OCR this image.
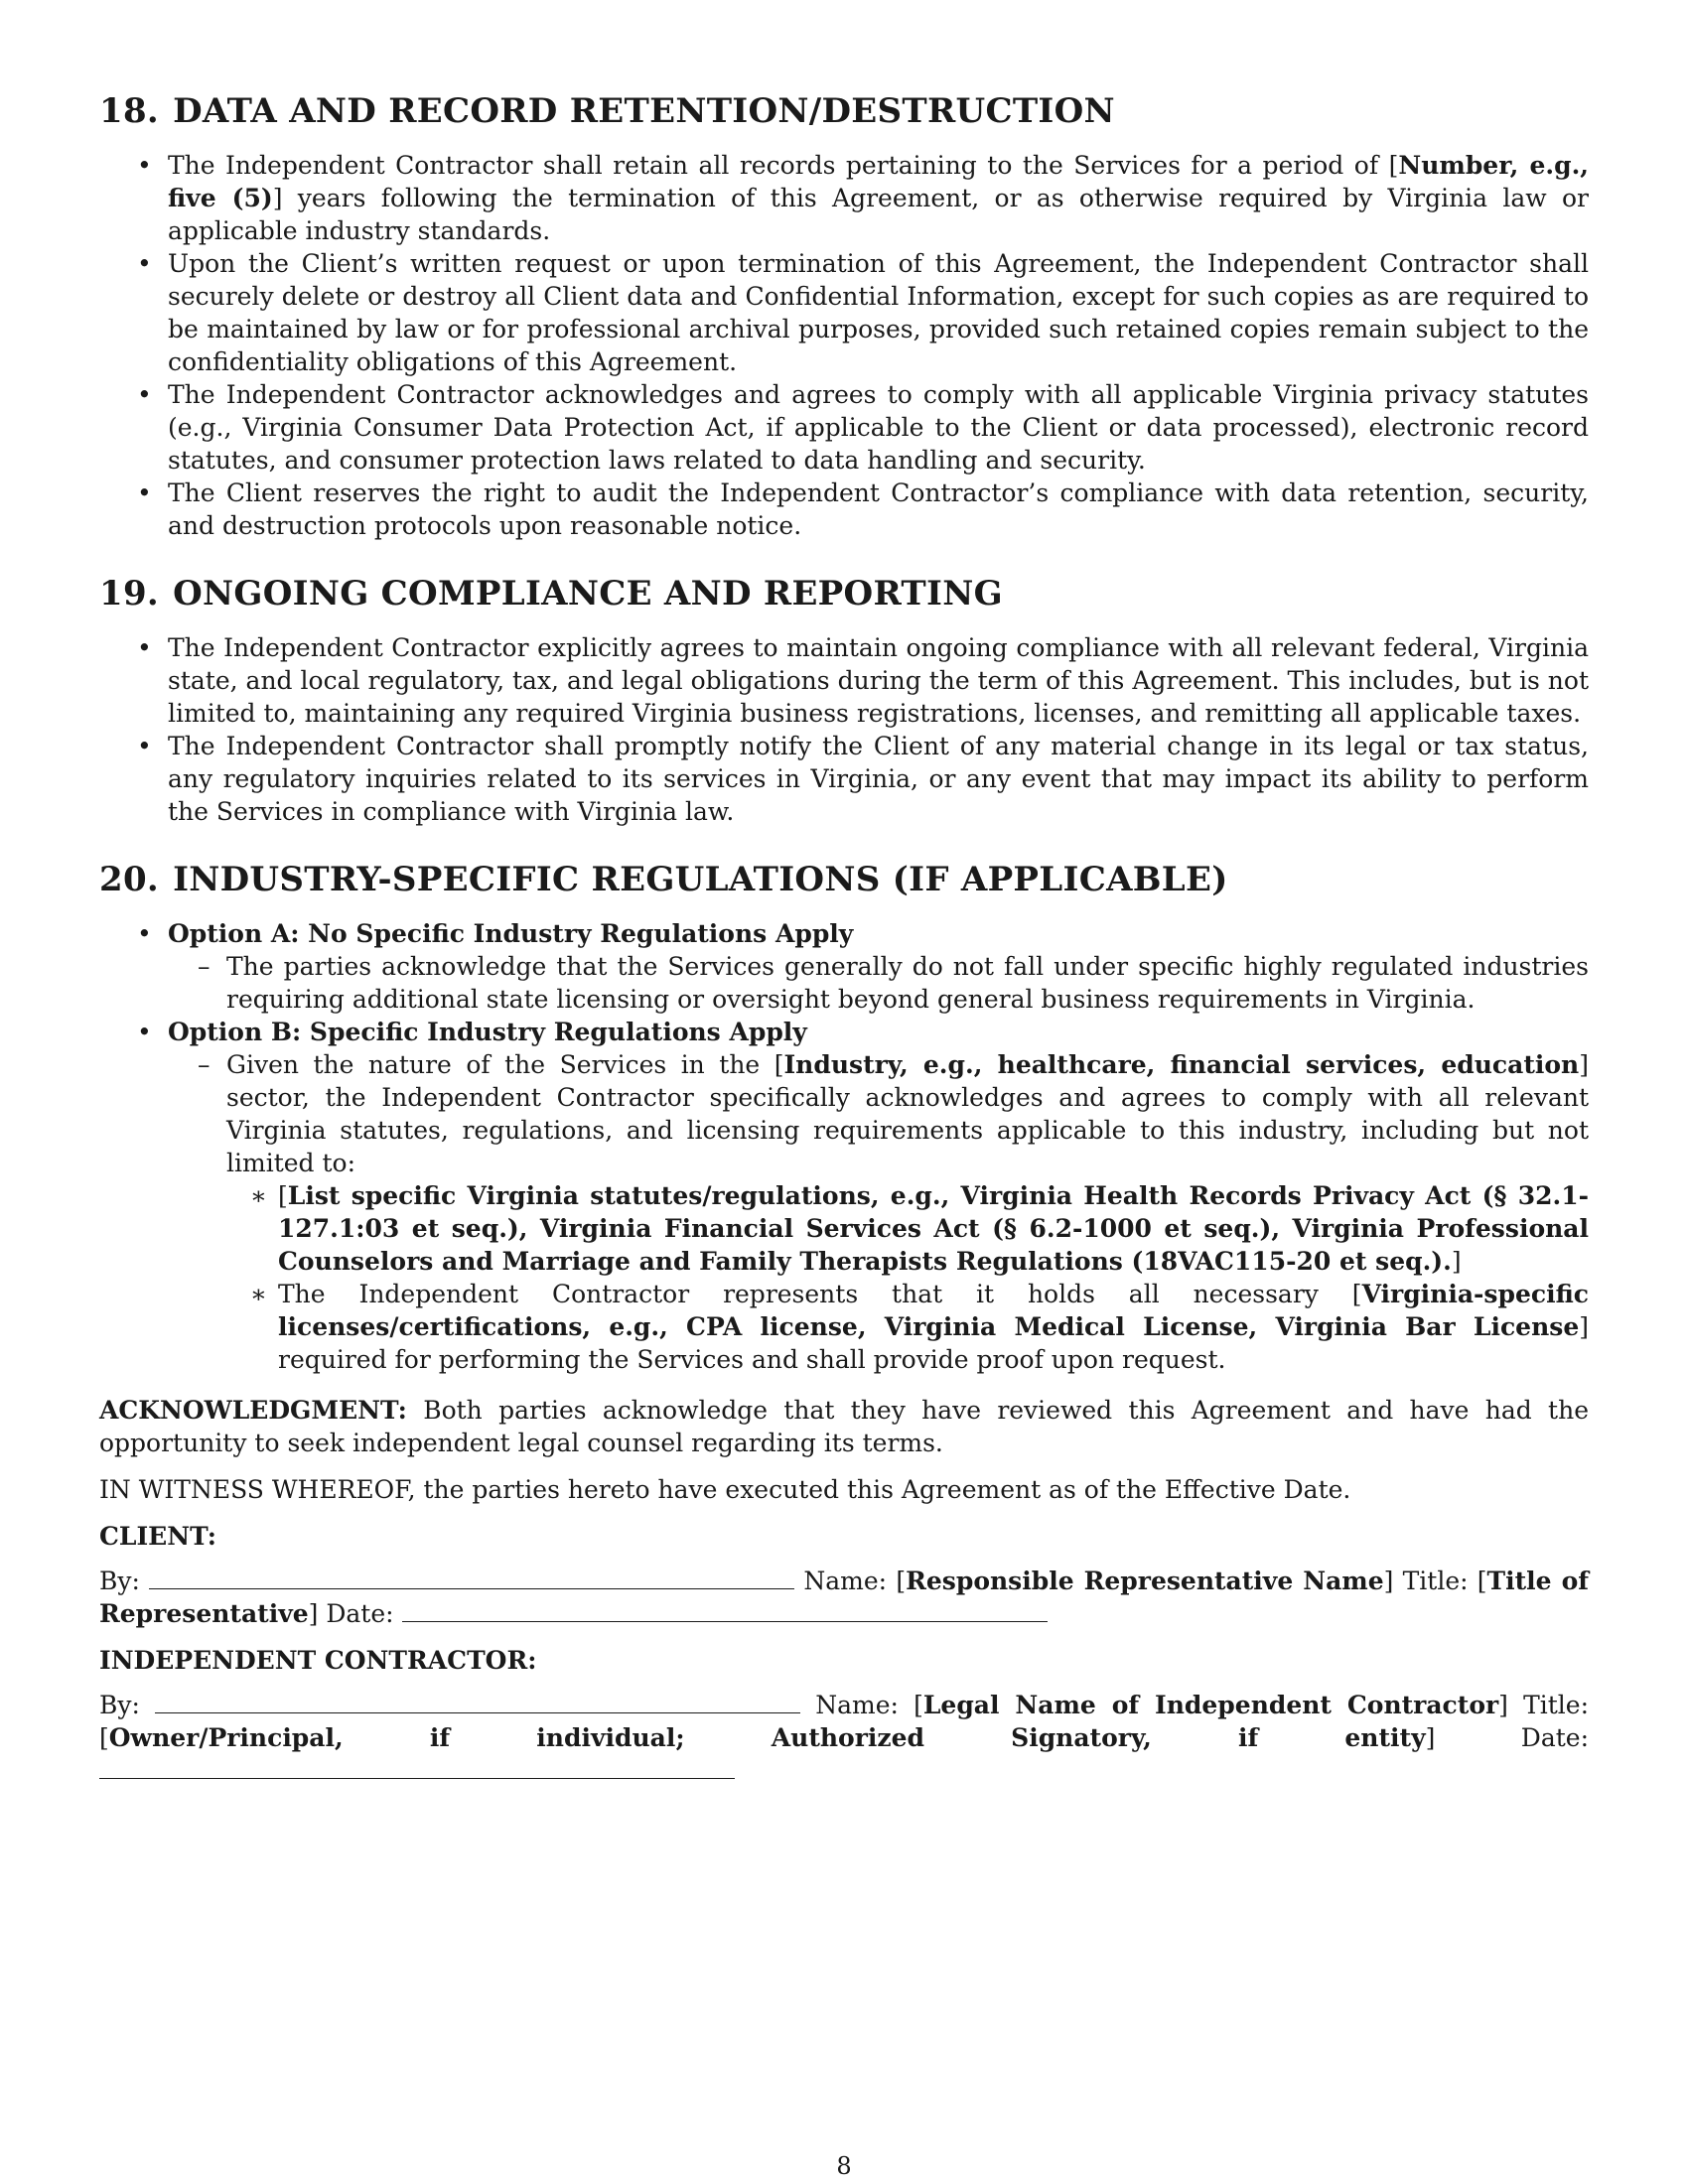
18. DATA AND RECORD RETENTION/DESTRUCTION
• The Independent Contractor shall retain all records pertaining to the Services for a period of [Number, e.g., five (5)] years following the termination of this Agreement, or as otherwise required by Virginia law or applicable industry standards.
• Upon the Client’s written request or upon termination of this Agreement, the Independent Contractor shall securely delete or destroy all Client data and Confidential Information, except for such copies as are required to be maintained by law or for professional archival purposes, provided such retained copies remain subject to the confidentiality obligations of this Agreement.
• The Independent Contractor acknowledges and agrees to comply with all applicable Virginia privacy statutes (e.g., Virginia Consumer Data Protection Act, if applicable to the Client or data processed), electronic record statutes, and consumer protection laws related to data handling and security.
• The Client reserves the right to audit the Independent Contractor’s compliance with data retention, security, and destruction protocols upon reasonable notice.
19. ONGOING COMPLIANCE AND REPORTING
• The Independent Contractor explicitly agrees to maintain ongoing compliance with all relevant federal, Virginia state, and local regulatory, tax, and legal obligations during the term of this Agreement. This includes, but is not limited to, maintaining any required Virginia business registrations, licenses, and remitting all applicable taxes.
• The Independent Contractor shall promptly notify the Client of any material change in its legal or tax status, any regulatory inquiries related to its services in Virginia, or any event that may impact its ability to perform the Services in compliance with Virginia law.
20. INDUSTRY-SPECIFIC REGULATIONS (IF APPLICABLE)
• Option A: No Specific Industry Regulations Apply
– The parties acknowledge that the Services generally do not fall under specific highly regulated industries requiring additional state licensing or oversight beyond general business requirements in Virginia.
• Option B: Specific Industry Regulations Apply
– Given the nature of the Services in the [Industry, e.g., healthcare, financial services, education] sector, the Independent Contractor specifically acknowledges and agrees to comply with all relevant Virginia statutes, regulations, and licensing requirements applicable to this industry, including but not limited to:
∗ [List specific Virginia statutes/regulations, e.g., Virginia Health Records Privacy Act (§ 32.1-127.1:03 et seq.), Virginia Financial Services Act (§ 6.2-1000 et seq.), Virginia Professional Counselors and Marriage and Family Therapists Regulations (18VAC115-20 et seq.).]
∗ The Independent Contractor represents that it holds all necessary [Virginia-specific licenses/certifications, e.g., CPA license, Virginia Medical License, Virginia Bar License] required for performing the Services and shall provide proof upon request.

ACKNOWLEDGMENT: Both parties acknowledge that they have reviewed this Agreement and have had the opportunity to seek independent legal counsel regarding its terms.

IN WITNESS WHEREOF, the parties hereto have executed this Agreement as of the Effective Date.

CLIENT:

By:	Name: [Responsible Representative Name] Title: [Title of Representative] Date:

INDEPENDENT CONTRACTOR:

By:	Name: [Legal Name of Independent Contractor] Title: [Owner/Principal, if individual; Authorized Signatory, if entity] Date:

8
